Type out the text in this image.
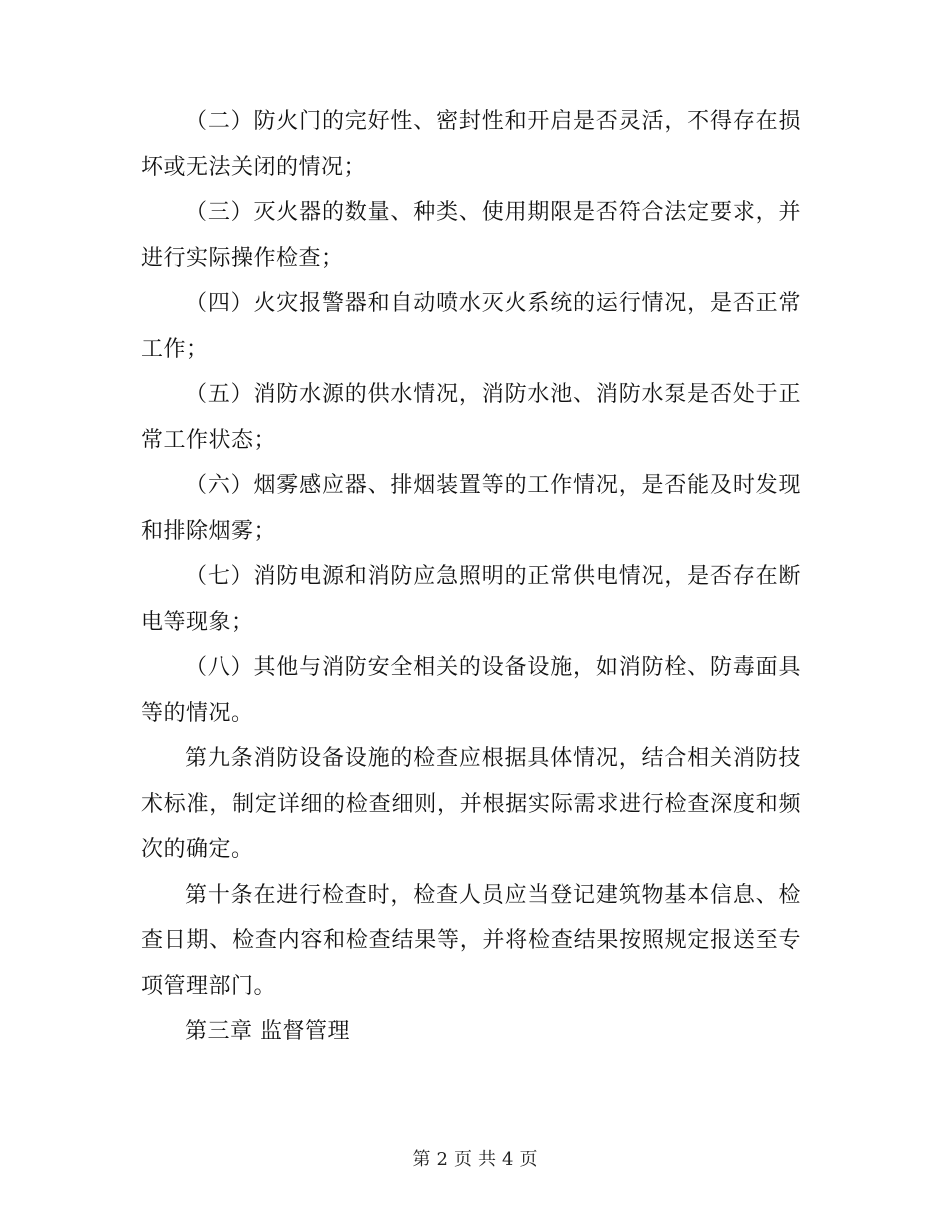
（二）防火门的完好性、密封性和开启是否灵活，不得存在损坏或无法关闭的情况；

（三）灭火器的数量、种类、使用期限是否符合法定要求，并进行实际操作检查；

（四）火灾报警器和自动喷水灭火系统的运行情况，是否正常工作；

（五）消防水源的供水情况，消防水池、消防水泵是否处于正常工作状态；

（六）烟雾感应器、排烟装置等的工作情况，是否能及时发现和排除烟雾；

（七）消防电源和消防应急照明的正常供电情况，是否存在断电等现象；

（八）其他与消防安全相关的设备设施，如消防栓、防毒面具等的情况。

第九条消防设备设施的检查应根据具体情况，结合相关消防技术标准，制定详细的检查细则，并根据实际需求进行检查深度和频次的确定。

第十条在进行检查时，检查人员应当登记建筑物基本信息、检查日期、检查内容和检查结果等，并将检查结果按照规定报送至专项管理部门。

第三章 监督管理

第 2 页 共 4 页
